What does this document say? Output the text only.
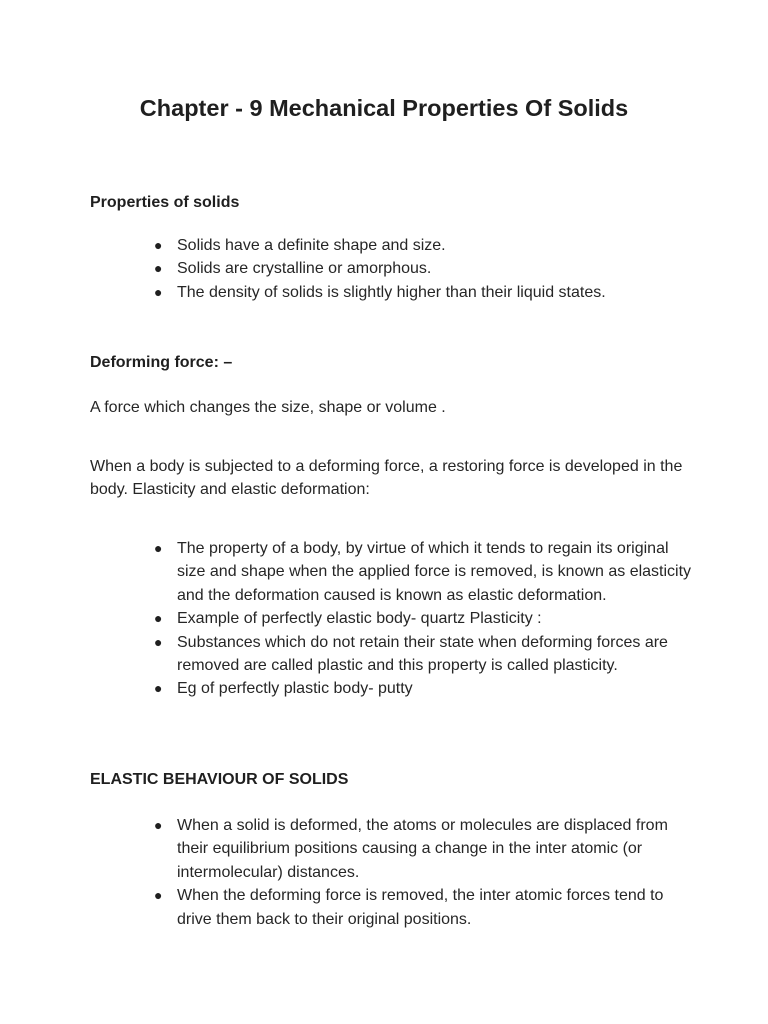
Chapter - 9 Mechanical Properties Of Solids
Properties of solids
● Solids have a definite shape and size.
● Solids are crystalline or amorphous.
● The density of solids is slightly higher than their liquid states.
Deforming force: –

A force which changes the size, shape or volume .

When a body is subjected to a deforming force, a restoring force is developed in the body. Elasticity and elastic deformation:

● The property of a body, by virtue of which it tends to regain its original size and shape when the applied force is removed, is known as elasticity and the deformation caused is known as elastic deformation.
● Example of perfectly elastic body- quartz Plasticity :
● Substances which do not retain their state when deforming forces are removed are called plastic and this property is called plasticity.
● Eg of perfectly plastic body- putty
ELASTIC BEHAVIOUR OF SOLIDS
● When a solid is deformed, the atoms or molecules are displaced from their equilibrium positions causing a change in the inter atomic (or intermolecular) distances.
● When the deforming force is removed, the inter atomic forces tend to drive them back to their original positions.
